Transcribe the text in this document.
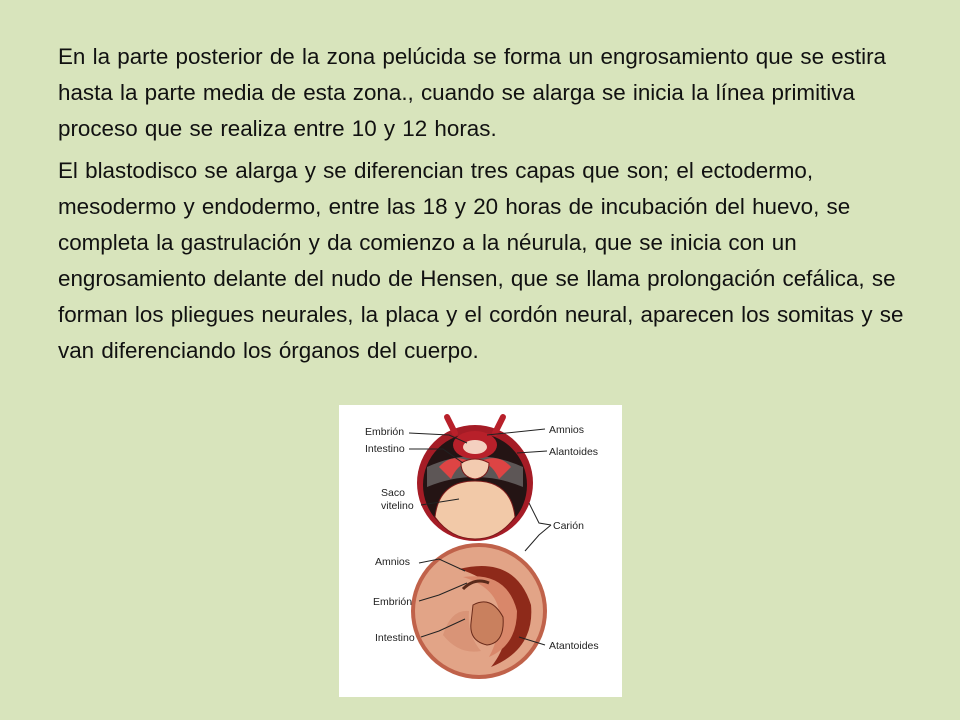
En la parte posterior de la zona pelúcida se forma un engrosamiento que se estira hasta la parte media de esta zona., cuando se alarga se inicia la línea primitiva proceso que se realiza entre 10 y 12 horas.

El blastodisco se alarga y se diferencian tres capas que son; el ectodermo, mesodermo y endodermo, entre las 18 y 20 horas de incubación del huevo, se completa la gastrulación y da comienzo a la néurula, que se inicia con un engrosamiento delante del nudo de Hensen, que se llama prolongación cefálica, se forman los pliegues neurales, la placa y el cordón neural, aparecen los somitas y se van diferenciando los órganos del cuerpo.

Embrión
Intestino
Saco
vitelino
Amnios
Alantoides
Carión
Amnios
Embrión
Intestino
Atantoides
